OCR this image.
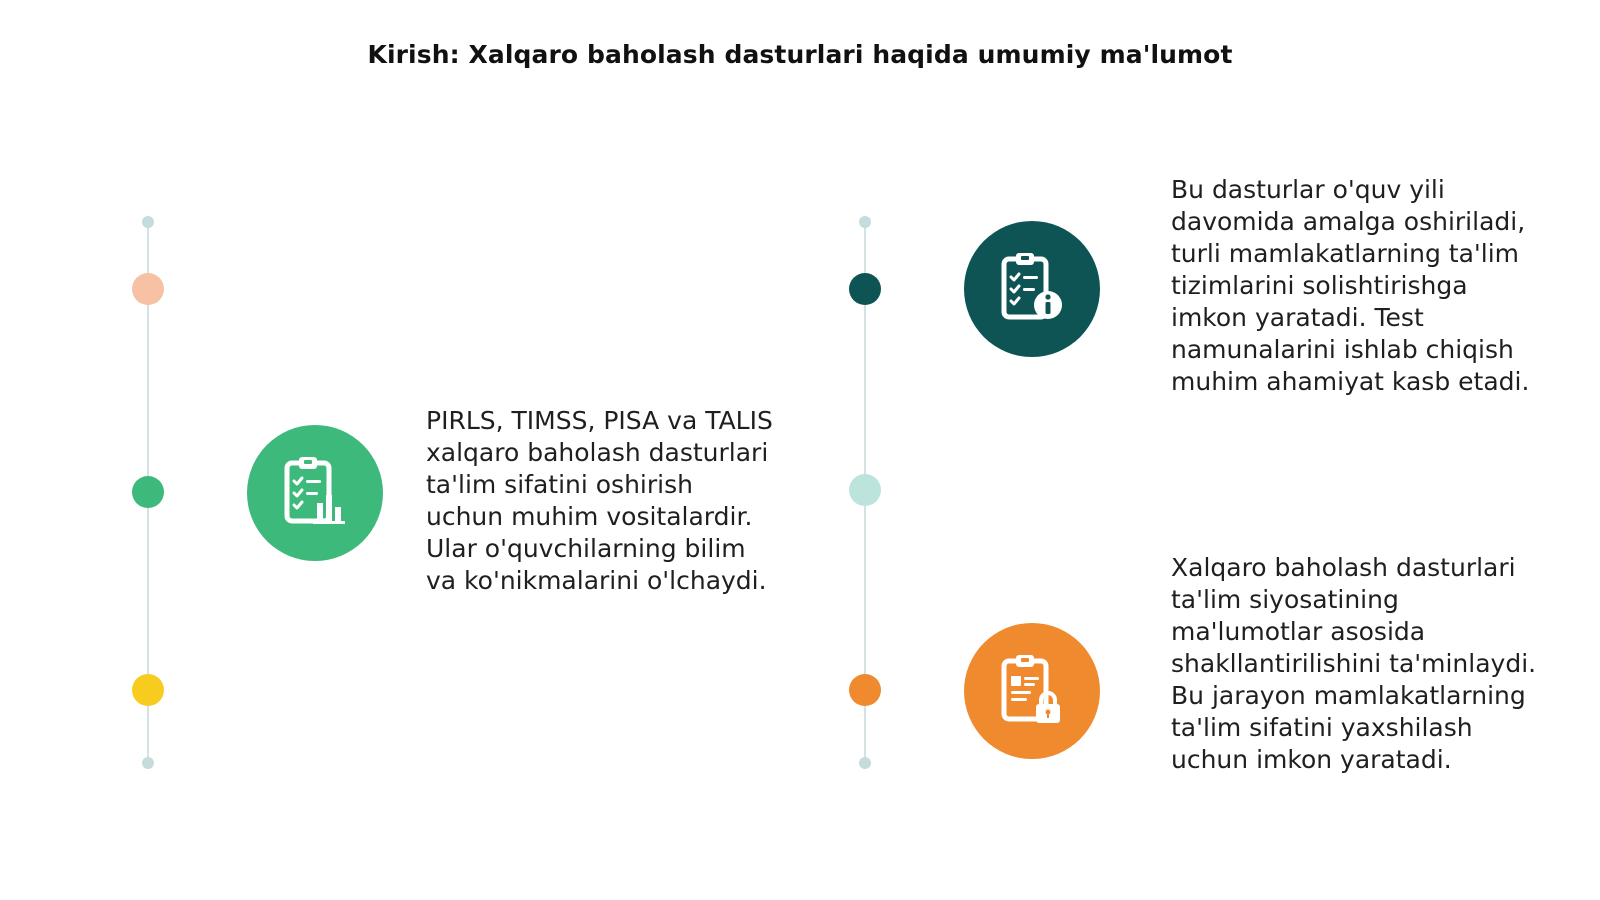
Kirish: Xalqaro baholash dasturlari haqida umumiy ma'lumot
PIRLS, TIMSS, PISA va TALIS xalqaro baholash dasturlari ta'lim sifatini oshirish uchun muhim vositalardir. Ular o'quvchilarning bilim va ko'nikmalarini o'lchaydi.
Bu dasturlar o'quv yili davomida amalga oshiriladi, turli mamlakatlarning ta'lim tizimlarini solishtirishga imkon yaratadi. Test namunalarini ishlab chiqish muhim ahamiyat kasb etadi.
Xalqaro baholash dasturlari ta'lim siyosatining ma'lumotlar asosida shakllantirilishini ta'minlaydi. Bu jarayon mamlakatlarning ta'lim sifatini yaxshilash uchun imkon yaratadi.
